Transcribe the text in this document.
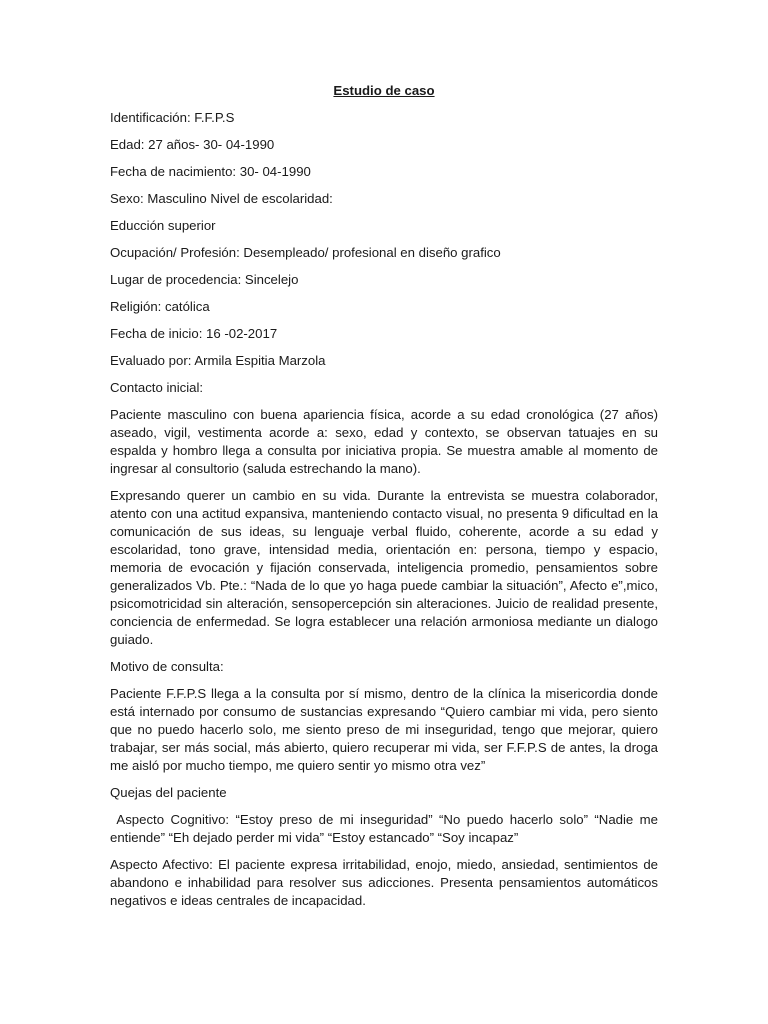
Estudio de caso

Identificación: F.F.P.S

Edad: 27 años- 30- 04-1990

Fecha de nacimiento: 30- 04-1990

Sexo: Masculino Nivel de escolaridad:

Educción superior

Ocupación/ Profesión: Desempleado/ profesional en diseño grafico

Lugar de procedencia: Sincelejo

Religión: católica

Fecha de inicio: 16 -02-2017

Evaluado por: Armila Espitia Marzola

Contacto inicial:

Paciente masculino con buena apariencia física, acorde a su edad cronológica (27 años) aseado, vigil, vestimenta acorde a: sexo, edad y contexto, se observan tatuajes en su espalda y hombro llega a consulta por iniciativa propia. Se muestra amable al momento de ingresar al consultorio (saluda estrechando la mano).

Expresando querer un cambio en su vida. Durante la entrevista se muestra colaborador, atento con una actitud expansiva, manteniendo contacto visual, no presenta 9 dificultad en la comunicación de sus ideas, su lenguaje verbal fluido, coherente, acorde a su edad y escolaridad, tono grave, intensidad media, orientación en: persona, tiempo y espacio, memoria de evocación y fijación conservada, inteligencia promedio, pensamientos sobre generalizados Vb. Pte.: “Nada de lo que yo haga puede cambiar la situación”, Afecto e”,mico, psicomotricidad sin alteración, sensopercepción sin alteraciones. Juicio de realidad presente, conciencia de enfermedad. Se logra establecer una relación armoniosa mediante un dialogo guiado.

Motivo de consulta:

Paciente F.F.P.S llega a la consulta por sí mismo, dentro de la clínica la misericordia donde está internado por consumo de sustancias expresando “Quiero cambiar mi vida, pero siento que no puedo hacerlo solo, me siento preso de mi inseguridad, tengo que mejorar, quiero trabajar, ser más social, más abierto, quiero recuperar mi vida, ser F.F.P.S de antes, la droga me aisló por mucho tiempo, me quiero sentir yo mismo otra vez”

Quejas del paciente

Aspecto Cognitivo: “Estoy preso de mi inseguridad” “No puedo hacerlo solo” “Nadie me entiende” “Eh dejado perder mi vida” “Estoy estancado” “Soy incapaz”

Aspecto Afectivo: El paciente expresa irritabilidad, enojo, miedo, ansiedad, sentimientos de abandono e inhabilidad para resolver sus adicciones. Presenta pensamientos automáticos negativos e ideas centrales de incapacidad.
